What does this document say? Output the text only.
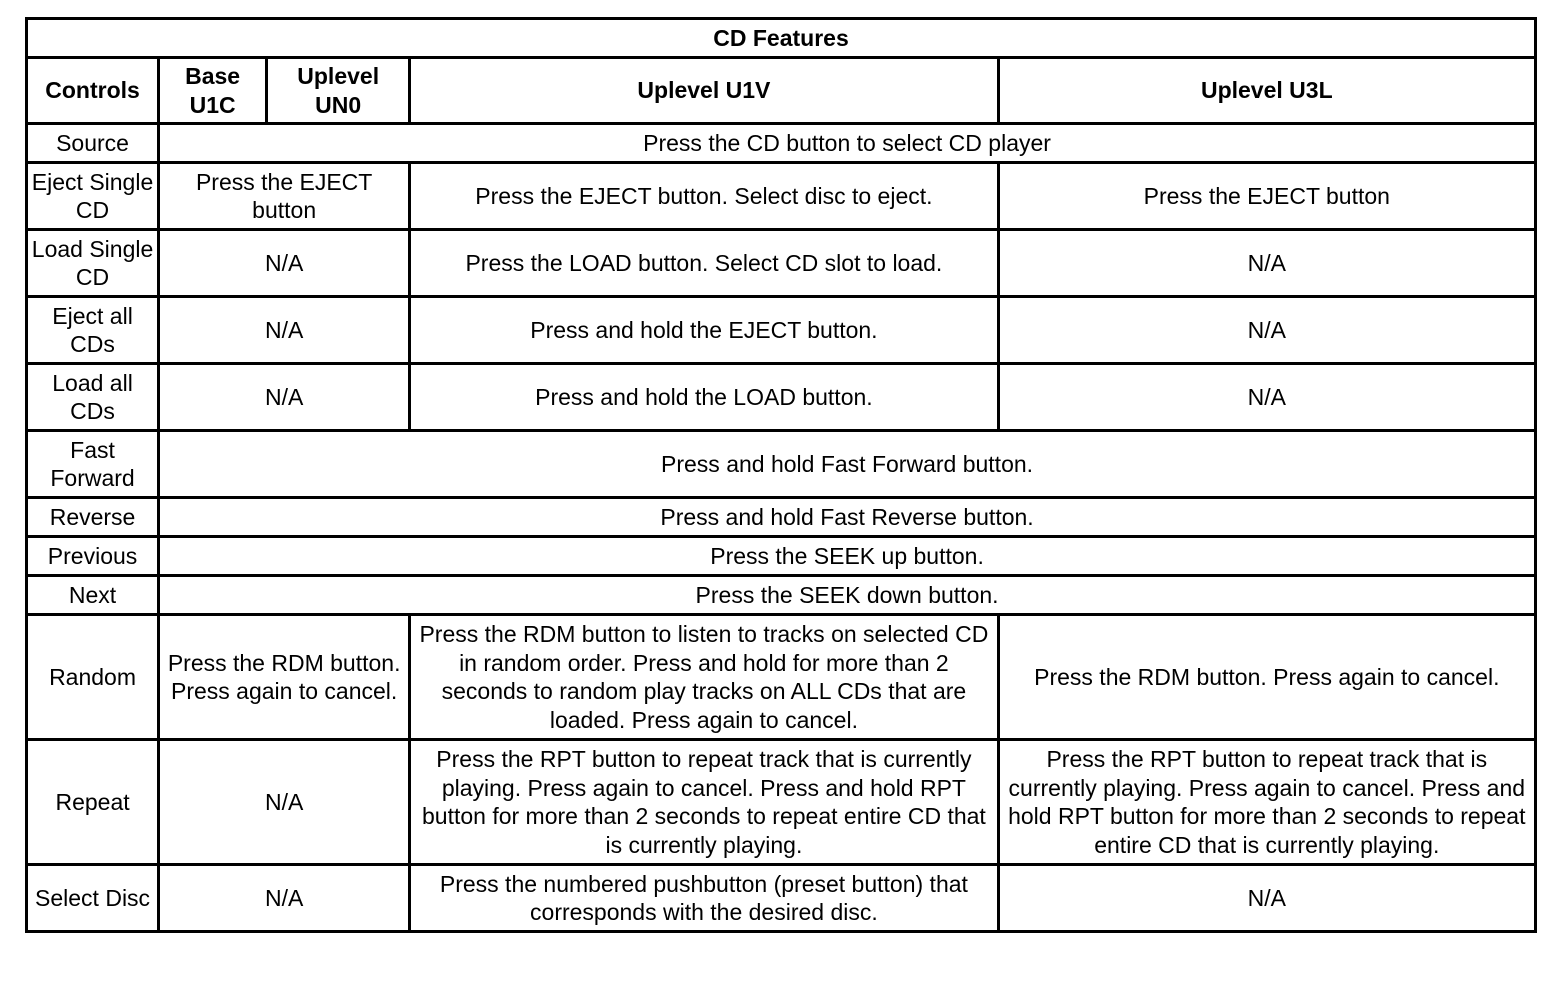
CD Features				
Controls	Base U1C	Uplevel UN0	Uplevel U1V	Uplevel U3L
Source	Press the CD button to select CD player			
Eject Single CD	Press the EJECT button		Press the EJECT button. Select disc to eject.	Press the EJECT button
Load Single CD	N/A		Press the LOAD button. Select CD slot to load.	N/A
Eject all CDs	N/A		Press and hold the EJECT button.	N/A
Load all CDs	N/A		Press and hold the LOAD button.	N/A
Fast Forward	Press and hold Fast Forward button.			
Reverse	Press and hold Fast Reverse button.			
Previous	Press the SEEK up button.			
Next	Press the SEEK down button.			
Random	Press the RDM button. Press again to cancel.		Press the RDM button to listen to tracks on selected CD in random order. Press and hold for more than 2 seconds to random play tracks on ALL CDs that are loaded. Press again to cancel.	Press the RDM button. Press again to cancel.
Repeat	N/A		Press the RPT button to repeat track that is currently playing. Press again to cancel. Press and hold RPT button for more than 2 seconds to repeat entire CD that is currently playing.	Press the RPT button to repeat track that is currently playing. Press again to cancel. Press and hold RPT button for more than 2 seconds to repeat entire CD that is currently playing.
Select Disc	N/A		Press the numbered pushbutton (preset button) that corresponds with the desired disc.	N/A
